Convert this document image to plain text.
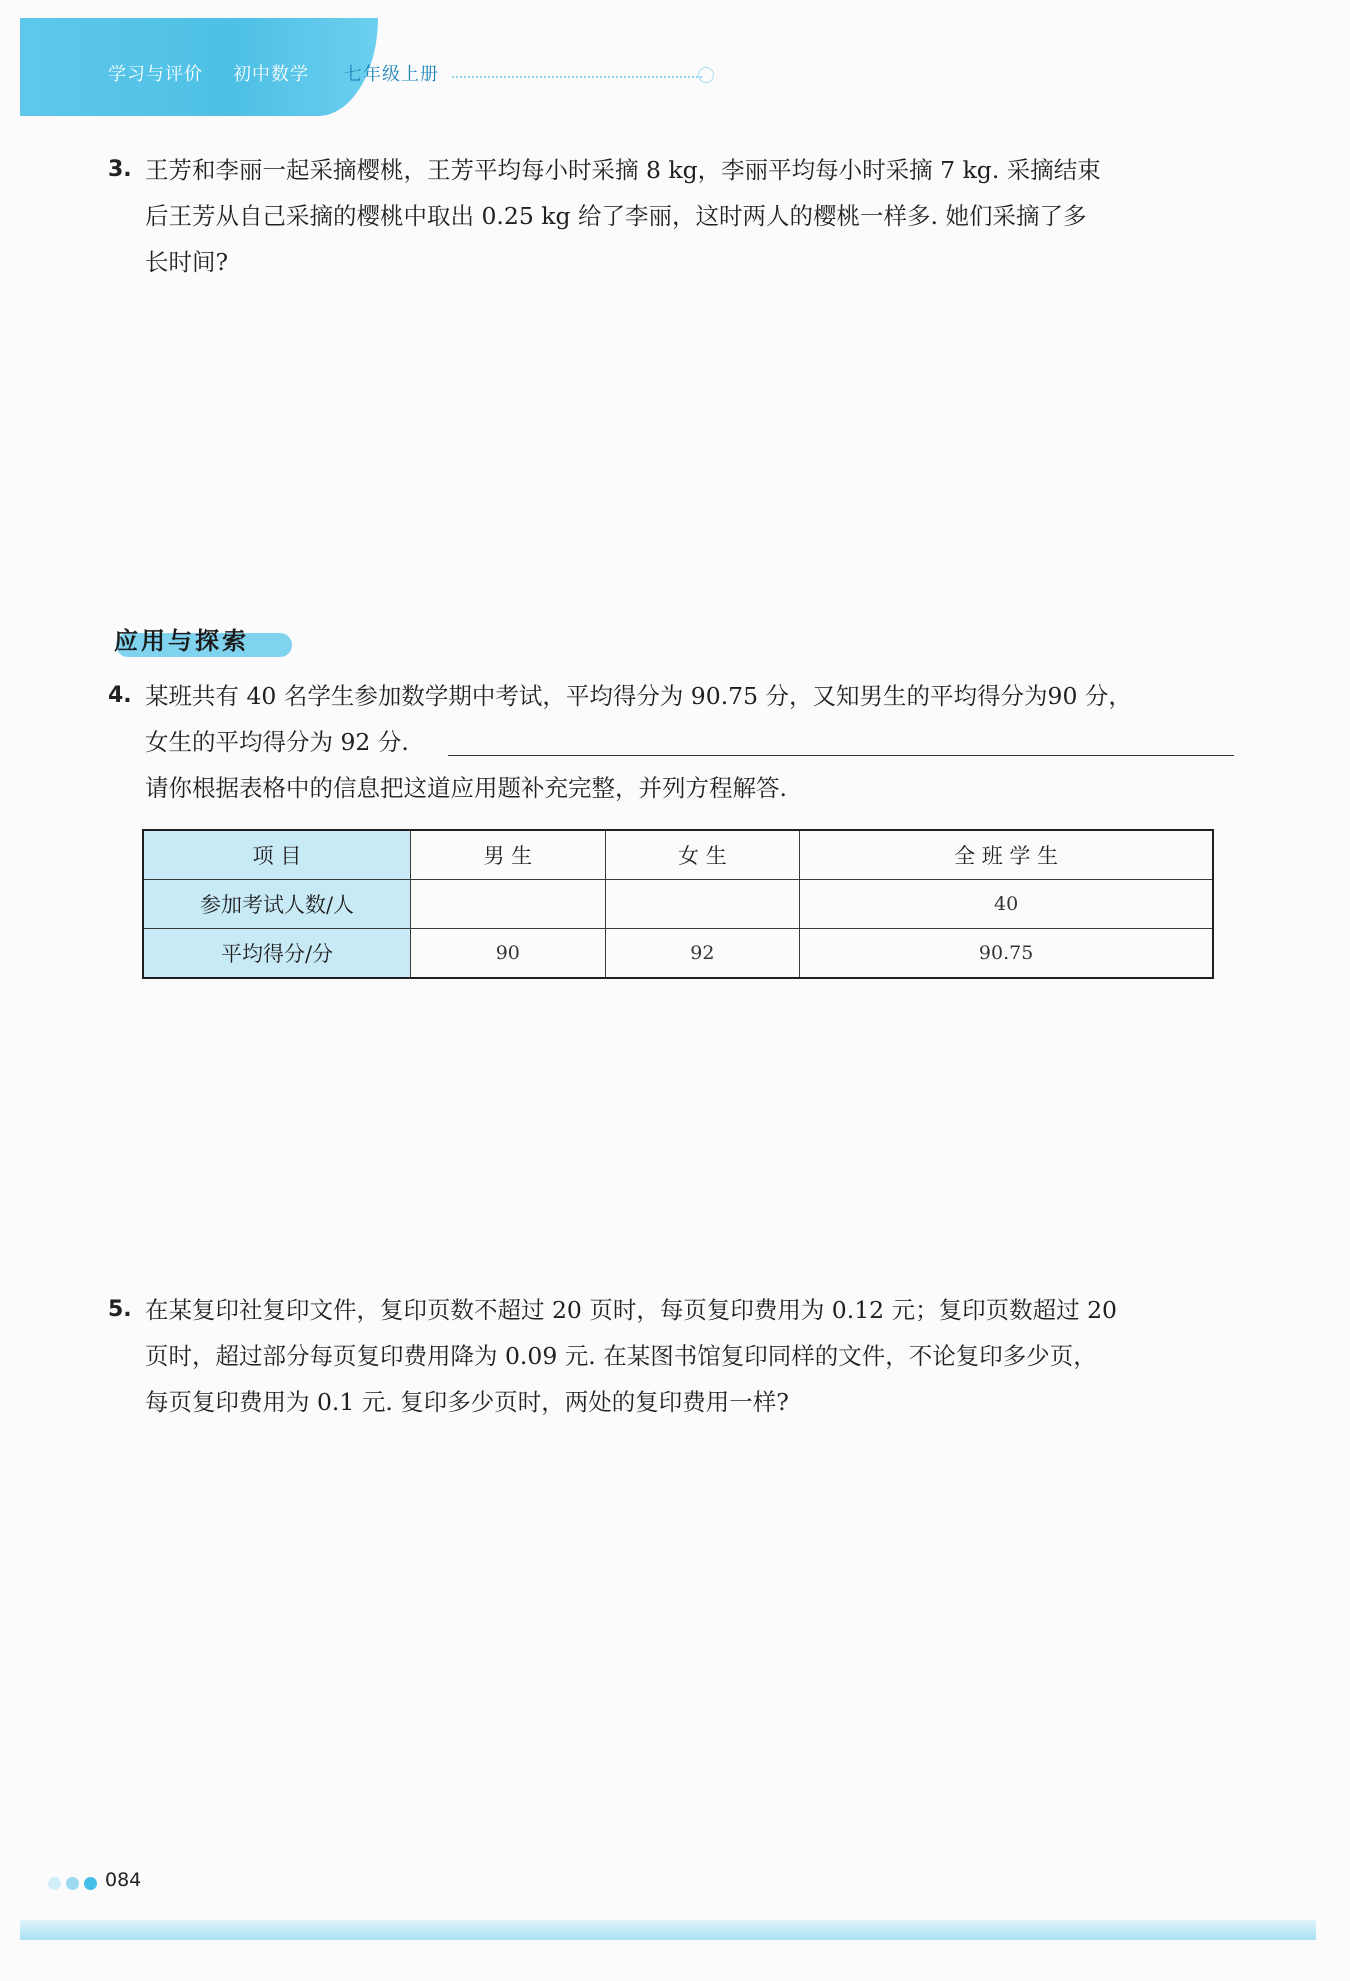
学习与评价 初中数学 七年级上册
3. 王芳和李丽一起采摘樱桃，王芳平均每小时采摘 8 kg，李丽平均每小时采摘 7 kg. 采摘结束
后王芳从自己采摘的樱桃中取出 0.25 kg 给了李丽，这时两人的樱桃一样多. 她们采摘了多
长时间?
应用与探索
4. 某班共有 40 名学生参加数学期中考试，平均得分为 90.75 分，又知男生的平均得分为90 分，
女生的平均得分为 92 分.
请你根据表格中的信息把这道应用题补充完整，并列方程解答.
项 目	男 生	女 生	全 班 学 生
参加考试人数/人			40
平均得分/分	90	92	90.75
5. 在某复印社复印文件，复印页数不超过 20 页时，每页复印费用为 0.12 元；复印页数超过 20
页时，超过部分每页复印费用降为 0.09 元. 在某图书馆复印同样的文件，不论复印多少页，
每页复印费用为 0.1 元. 复印多少页时，两处的复印费用一样?
084
